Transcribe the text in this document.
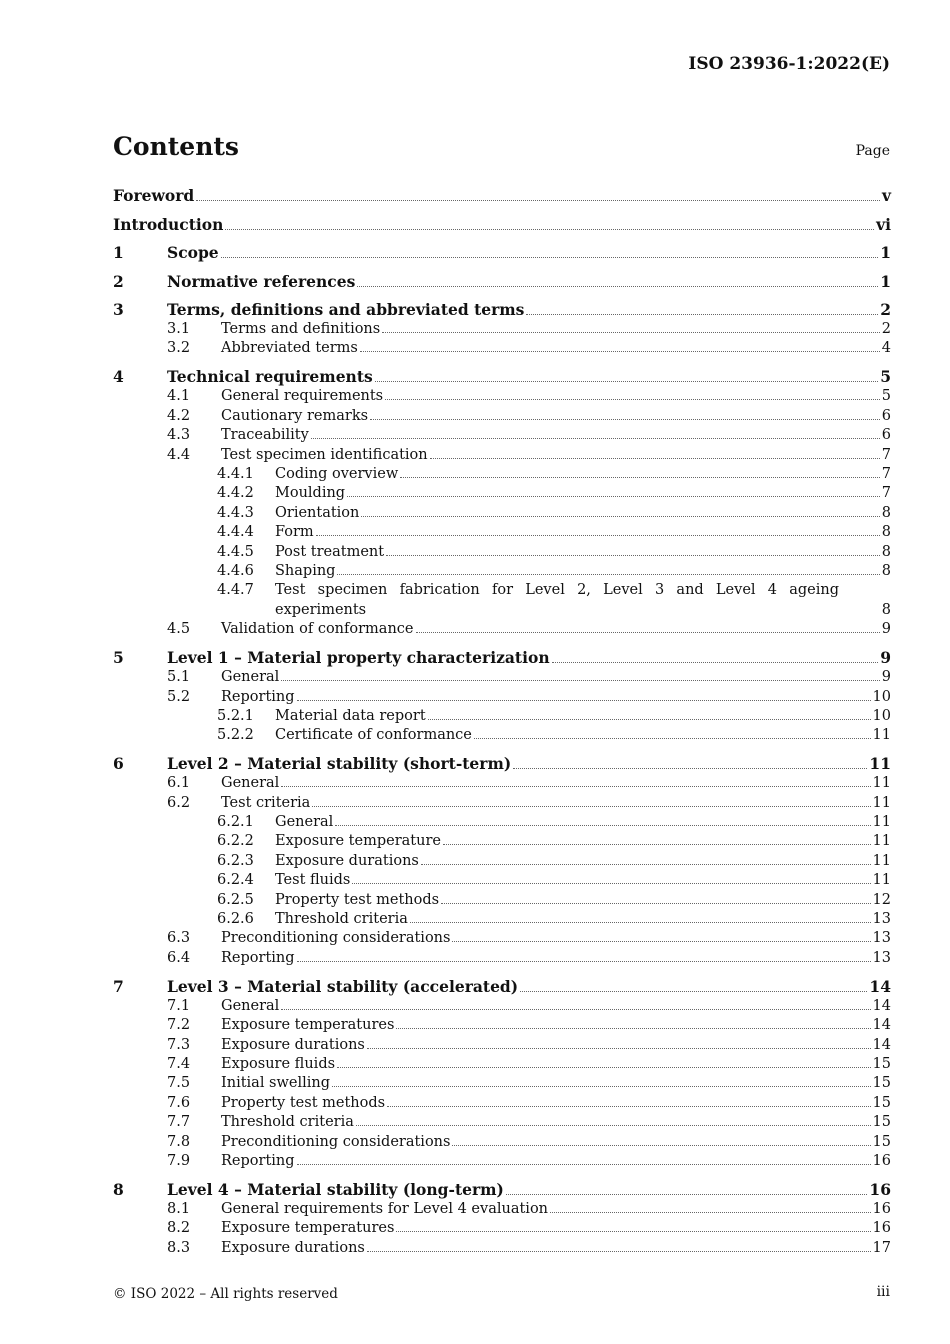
ISO 23936-1:2022(E)
Contents	Page
Foreword	v
Introduction	vi
1	Scope	1
2	Normative references	1
3	Terms, definitions and abbreviated terms	2
3.1	Terms and definitions	2
3.2	Abbreviated terms	4
4	Technical requirements	5
4.1	General requirements	5
4.2	Cautionary remarks	6
4.3	Traceability	6
4.4	Test specimen identification	7
4.4.1	Coding overview	7
4.4.2	Moulding	7
4.4.3	Orientation	8
4.4.4	Form	8
4.4.5	Post treatment	8
4.4.6	Shaping	8
4.4.7	Test specimen fabrication for Level 2, Level 3 and Level 4 ageing experiments	8
4.5	Validation of conformance	9
5	Level 1 – Material property characterization	9
5.1	General	9
5.2	Reporting	10
5.2.1	Material data report	10
5.2.2	Certificate of conformance	11
6	Level 2 – Material stability (short-term)	11
6.1	General	11
6.2	Test criteria	11
6.2.1	General	11
6.2.2	Exposure temperature	11
6.2.3	Exposure durations	11
6.2.4	Test fluids	11
6.2.5	Property test methods	12
6.2.6	Threshold criteria	13
6.3	Preconditioning considerations	13
6.4	Reporting	13
7	Level 3 – Material stability (accelerated)	14
7.1	General	14
7.2	Exposure temperatures	14
7.3	Exposure durations	14
7.4	Exposure fluids	15
7.5	Initial swelling	15
7.6	Property test methods	15
7.7	Threshold criteria	15
7.8	Preconditioning considerations	15
7.9	Reporting	16
8	Level 4 – Material stability (long-term)	16
8.1	General requirements for Level 4 evaluation	16
8.2	Exposure temperatures	16
8.3	Exposure durations	17
© ISO 2022 – All rights reserved	iii
